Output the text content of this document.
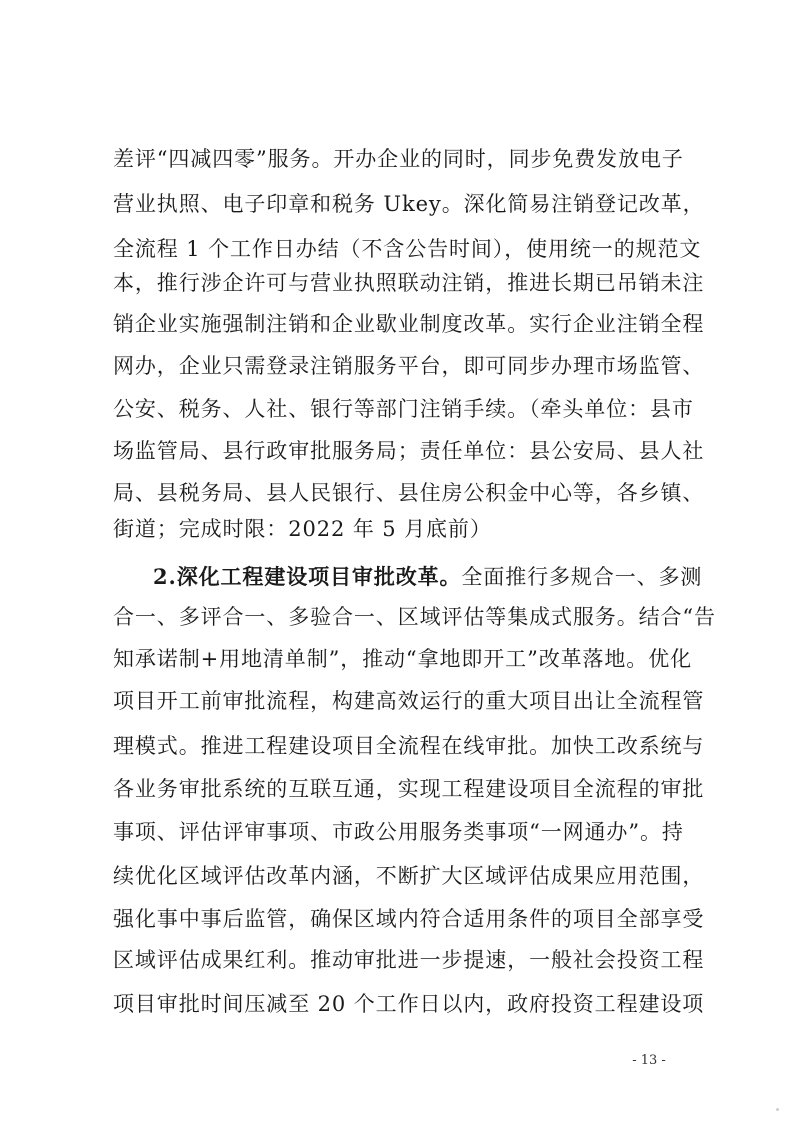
差评“四减四零”服务。开办企业的同时，同步免费发放电子
营业执照、电子印章和税务 Ukey。深化简易注销登记改革，
全流程 1 个工作日办结（不含公告时间），使用统一的规范文
本，推行涉企许可与营业执照联动注销，推进长期已吊销未注
销企业实施强制注销和企业歇业制度改革。实行企业注销全程
网办，企业只需登录注销服务平台，即可同步办理市场监管、
公安、税务、人社、银行等部门注销手续。（牵头单位：县市
场监管局、县行政审批服务局；责任单位：县公安局、县人社
局、县税务局、县人民银行、县住房公积金中心等，各乡镇、
街道；完成时限：2022 年 5 月底前）
2.深化工程建设项目审批改革。全面推行多规合一、多测
合一、多评合一、多验合一、区域评估等集成式服务。结合“告
知承诺制+用地清单制”，推动“拿地即开工”改革落地。优化
项目开工前审批流程，构建高效运行的重大项目出让全流程管
理模式。推进工程建设项目全流程在线审批。加快工改系统与
各业务审批系统的互联互通，实现工程建设项目全流程的审批
事项、评估评审事项、市政公用服务类事项“一网通办”。持
续优化区域评估改革内涵，不断扩大区域评估成果应用范围，
强化事中事后监管，确保区域内符合适用条件的项目全部享受
区域评估成果红利。推动审批进一步提速，一般社会投资工程
项目审批时间压减至 20 个工作日以内，政府投资工程建设项
- 13 -
